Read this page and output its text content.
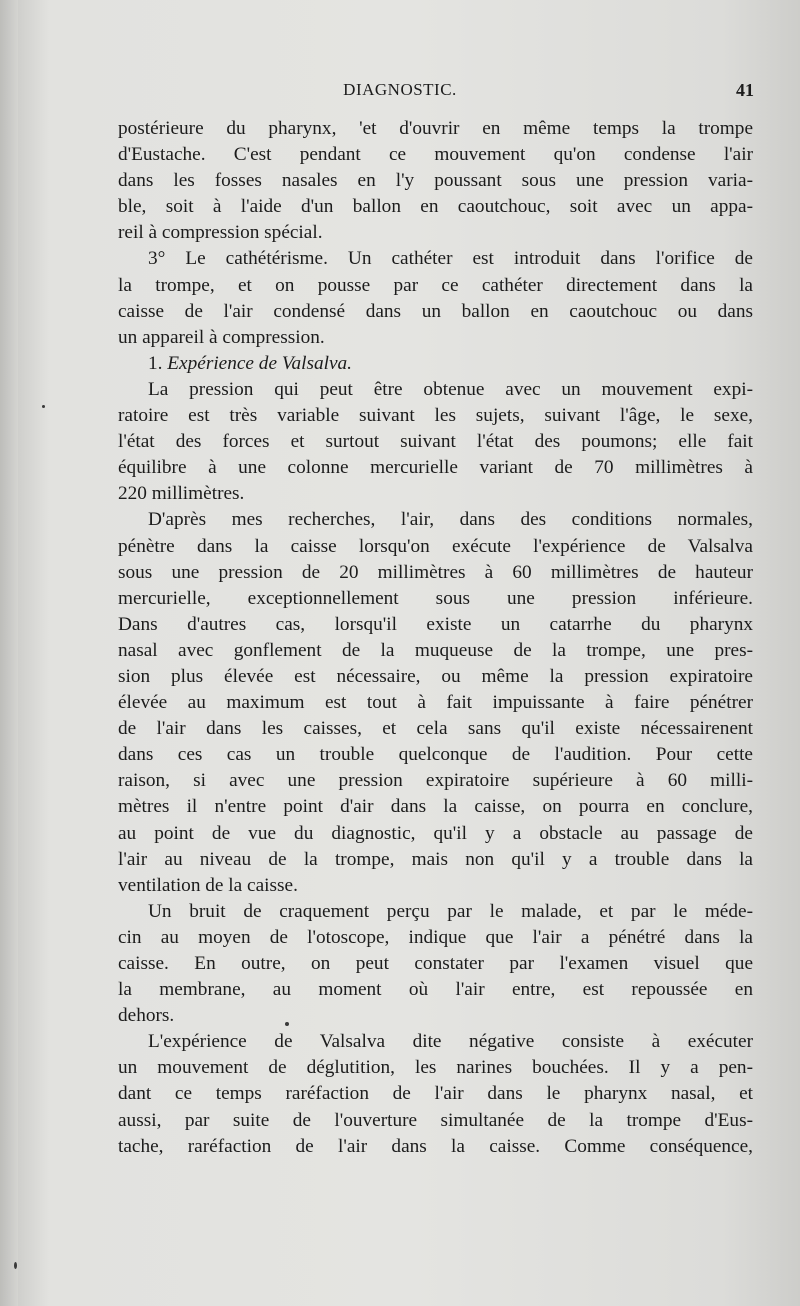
DIAGNOSTIC.	41
postérieure du pharynx, 'et d'ouvrir en même temps la trompe
d'Eustache. C'est pendant ce mouvement qu'on condense l'air
dans les fosses nasales en l'y poussant sous une pression varia-
ble, soit à l'aide d'un ballon en caoutchouc, soit avec un appa-
reil à compression spécial.
3° Le cathétérisme. Un cathéter est introduit dans l'orifice de
la trompe, et on pousse par ce cathéter directement dans la
caisse de l'air condensé dans un ballon en caoutchouc ou dans
un appareil à compression.
1. Expérience de Valsalva.
La pression qui peut être obtenue avec un mouvement expi-
ratoire est très variable suivant les sujets, suivant l'âge, le sexe,
l'état des forces et surtout suivant l'état des poumons; elle fait
équilibre à une colonne mercurielle variant de 70 millimètres à
220 millimètres.
D'après mes recherches, l'air, dans des conditions normales,
pénètre dans la caisse lorsqu'on exécute l'expérience de Valsalva
sous une pression de 20 millimètres à 60 millimètres de hauteur
mercurielle, exceptionnellement sous une pression inférieure.
Dans d'autres cas, lorsqu'il existe un catarrhe du pharynx
nasal avec gonflement de la muqueuse de la trompe, une pres-
sion plus élevée est nécessaire, ou même la pression expiratoire
élevée au maximum est tout à fait impuissante à faire pénétrer
de l'air dans les caisses, et cela sans qu'il existe nécessairenent
dans ces cas un trouble quelconque de l'audition. Pour cette
raison, si avec une pression expiratoire supérieure à 60 milli-
mètres il n'entre point d'air dans la caisse, on pourra en conclure,
au point de vue du diagnostic, qu'il y a obstacle au passage de
l'air au niveau de la trompe, mais non qu'il y a trouble dans la
ventilation de la caisse.
Un bruit de craquement perçu par le malade, et par le méde-
cin au moyen de l'otoscope, indique que l'air a pénétré dans la
caisse. En outre, on peut constater par l'examen visuel que
la membrane, au moment où l'air entre, est repoussée en
dehors.
L'expérience de Valsalva dite négative consiste à exécuter
un mouvement de déglutition, les narines bouchées. Il y a pen-
dant ce temps raréfaction de l'air dans le pharynx nasal, et
aussi, par suite de l'ouverture simultanée de la trompe d'Eus-
tache, raréfaction de l'air dans la caisse. Comme conséquence,
